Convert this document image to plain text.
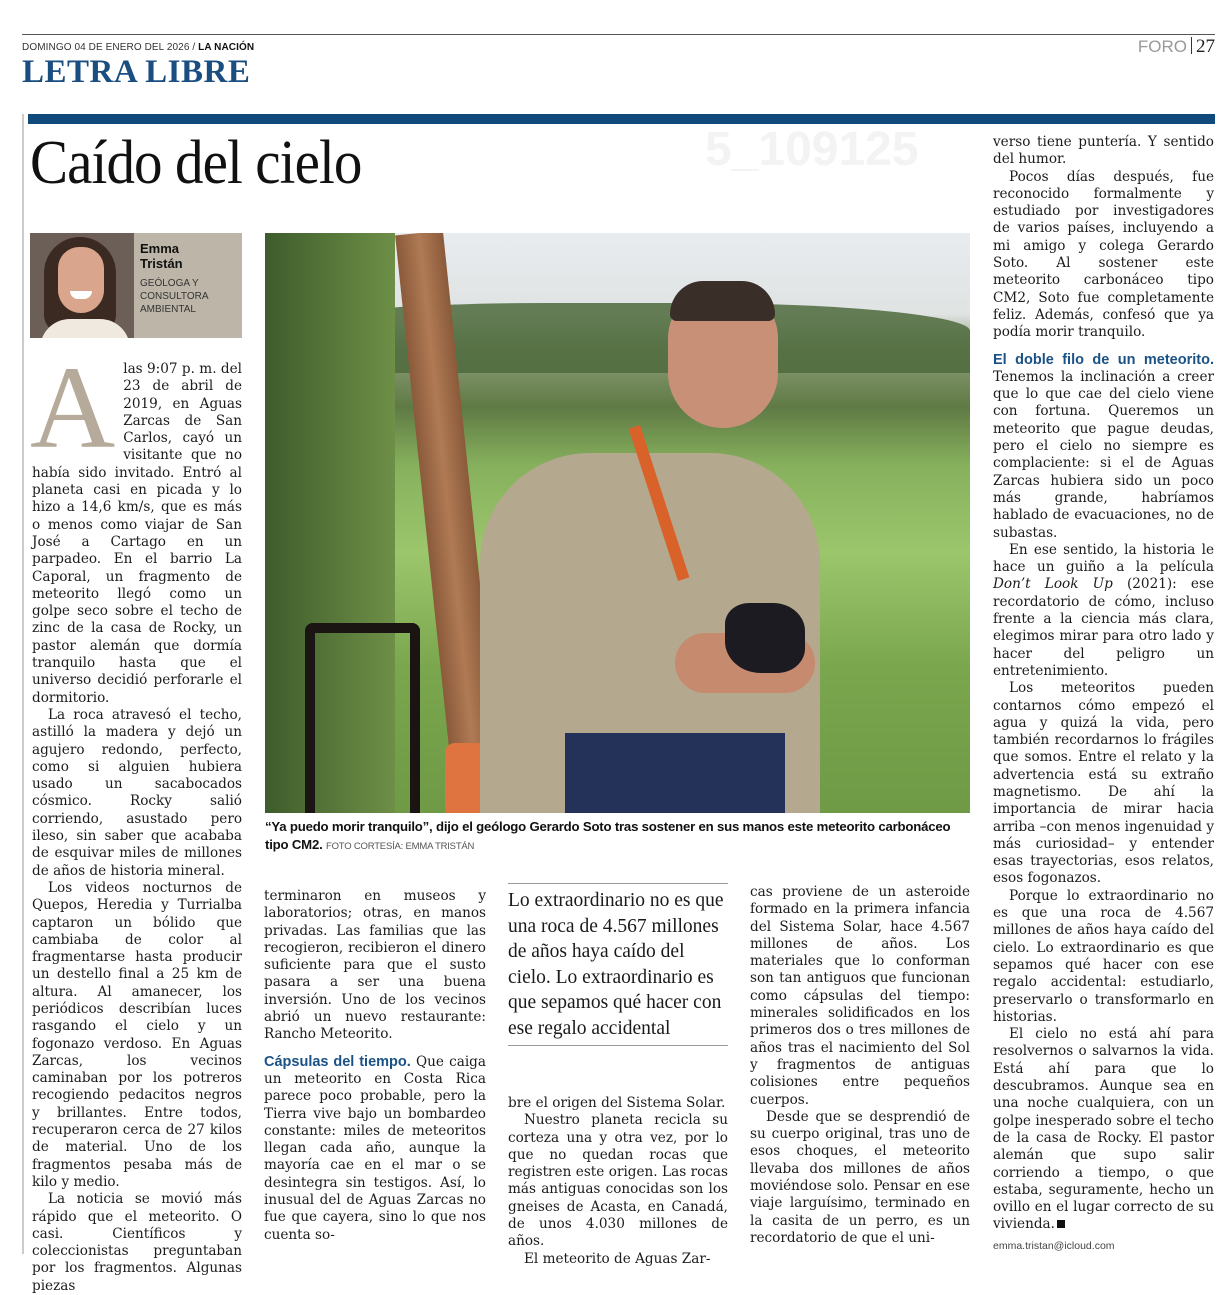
DOMINGO 04 DE ENERO DEL 2026 / LA NACIÓN
LETRA LIBRE
FORO 27
5_109125
Caído del cielo
Emma
Tristán
GEÓLOGA Y
CONSULTORA
AMBIENTAL
“Ya puedo morir tranquilo”, dijo el geólogo Gerardo Soto tras sostener en sus manos este meteorito carbonáceo tipo CM2. FOTO CORTESÍA: EMMA TRISTÁN

Alas 9:07 p. m. del 23 de abril de 2019, en Aguas Zarcas de San Carlos, cayó un visitante que no había sido invitado. Entró al planeta casi en picada y lo hizo a 14,6 km/s, que es más o menos como viajar de San José a Cartago en un parpadeo. En el barrio La Caporal, un fragmento de meteorito llegó como un golpe seco sobre el techo de zinc de la casa de Rocky, un pastor alemán que dormía tranquilo hasta que el universo decidió perforarle el dormitorio.

La roca atravesó el techo, astilló la madera y dejó un agujero redondo, perfecto, como si alguien hubiera usado un sacabocados cósmico. Rocky salió corriendo, asustado pero ileso, sin saber que acababa de esquivar miles de millones de años de historia mineral.

Los videos nocturnos de Quepos, Heredia y Turrialba captaron un bólido que cambiaba de color al fragmentarse hasta producir un destello final a 25 km de altura. Al amanecer, los periódicos describían luces rasgando el cielo y un fogonazo verdoso. En Aguas Zarcas, los vecinos caminaban por los potreros recogiendo pedacitos negros y brillantes. Entre todos, recuperaron cerca de 27 kilos de material. Uno de los fragmentos pesaba más de kilo y medio.

La noticia se movió más rápido que el meteorito. O casi. Científicos y coleccionistas preguntaban por los fragmentos. Algunas piezas

terminaron en museos y laboratorios; otras, en manos privadas. Las familias que las recogieron, recibieron el dinero suficiente para que el susto pasara a ser una buena inversión. Uno de los vecinos abrió un nuevo restaurante: Rancho Meteorito.

Cápsulas del tiempo. Que caiga un meteorito en Costa Rica parece poco probable, pero la Tierra vive bajo un bombardeo constante: miles de meteoritos llegan cada año, aunque la mayoría cae en el mar o se desintegra sin testigos. Así, lo inusual del de Aguas Zarcas no fue que cayera, sino lo que nos cuenta so-

Lo extraordinario no es que una roca de 4.567 millones de años haya caído del cielo. Lo extraordinario es que sepamos qué hacer con ese regalo accidental

bre el origen del Sistema Solar.

Nuestro planeta recicla su corteza una y otra vez, por lo que no quedan rocas que registren este origen. Las rocas más antiguas conocidas son los gneises de Acasta, en Canadá, de unos 4.030 millones de años.

El meteorito de Aguas Zar-

cas proviene de un asteroide formado en la primera infancia del Sistema Solar, hace 4.567 millones de años. Los materiales que lo conforman son tan antiguos que funcionan como cápsulas del tiempo: minerales solidificados en los primeros dos o tres millones de años tras el nacimiento del Sol y fragmentos de antiguas colisiones entre pequeños cuerpos.

Desde que se desprendió de su cuerpo original, tras uno de esos choques, el meteorito llevaba dos millones de años moviéndose solo. Pensar en ese viaje larguísimo, terminado en la casita de un perro, es un recordatorio de que el uni-

verso tiene puntería. Y sentido del humor.

Pocos días después, fue reconocido formalmente y estudiado por investigadores de varios países, incluyendo a mi amigo y colega Gerardo Soto. Al sostener este meteorito carbonáceo tipo CM2, Soto fue completamente feliz. Además, confesó que ya podía morir tranquilo.

El doble filo de un meteorito. Tenemos la inclinación a creer que lo que cae del cielo viene con fortuna. Queremos un meteorito que pague deudas, pero el cielo no siempre es complaciente: si el de Aguas Zarcas hubiera sido un poco más grande, habríamos hablado de evacuaciones, no de subastas.

En ese sentido, la historia le hace un guiño a la película Don’t Look Up (2021): ese recordatorio de cómo, incluso frente a la ciencia más clara, elegimos mirar para otro lado y hacer del peligro un entretenimiento.

Los meteoritos pueden contarnos cómo empezó el agua y quizá la vida, pero también recordarnos lo frágiles que somos. Entre el relato y la advertencia está su extraño magnetismo. De ahí la importancia de mirar hacia arriba –con menos ingenuidad y más curiosidad– y entender esas trayectorias, esos relatos, esos fogonazos.

Porque lo extraordinario no es que una roca de 4.567 millones de años haya caído del cielo. Lo extraordinario es que sepamos qué hacer con ese regalo accidental: estudiarlo, preservarlo o transformarlo en historias.

El cielo no está ahí para resolvernos o salvarnos la vida. Está ahí para que lo descubramos. Aunque sea en una noche cualquiera, con un golpe inesperado sobre el techo de la casa de Rocky. El pastor alemán que supo salir corriendo a tiempo, o que estaba, seguramente, hecho un ovillo en el lugar correcto de su vivienda.

emma.tristan@icloud.com
